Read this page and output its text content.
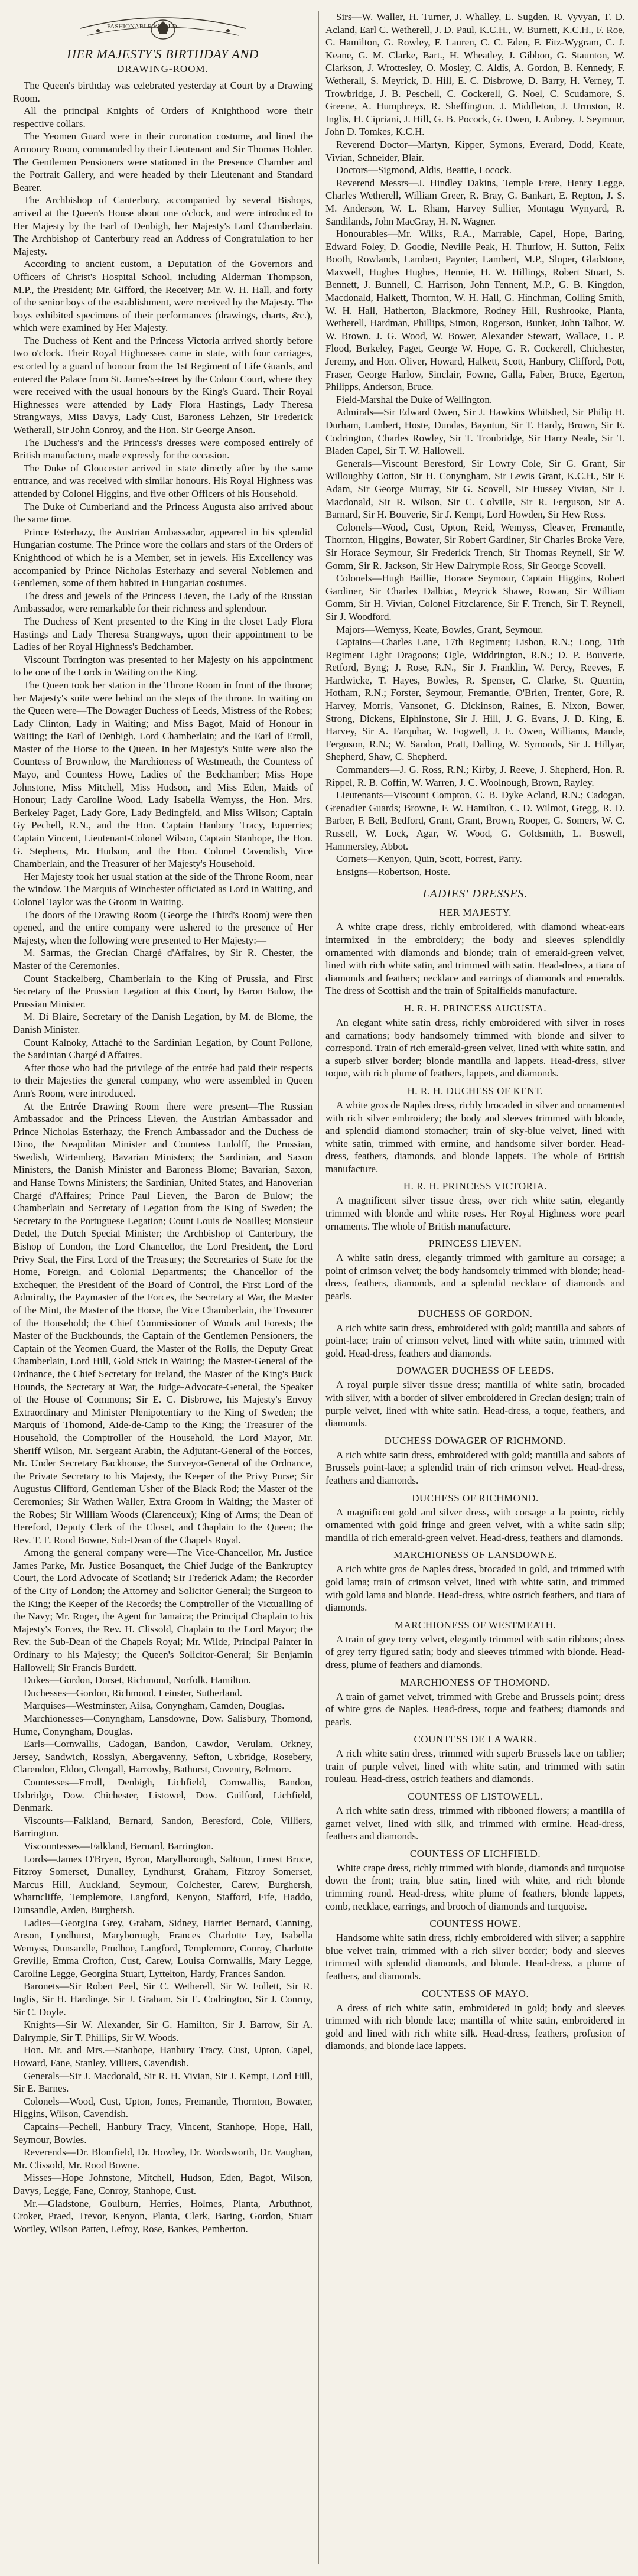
FASHIONABLE WORLD
HER MAJESTY'S BIRTHDAY AND
DRAWING-ROOM.

The Queen's birthday was celebrated yesterday at Court by a Drawing Room.

All the principal Knights of Orders of Knighthood wore their respective collars.

The Yeomen Guard were in their coronation costume, and lined the Armoury Room, commanded by their Lieutenant and Sir Thomas Hohler. The Gentlemen Pensioners were stationed in the Presence Chamber and the Portrait Gallery, and were headed by their Lieutenant and Standard Bearer.

The Archbishop of Canterbury, accompanied by several Bishops, arrived at the Queen's House about one o'clock, and were introduced to Her Majesty by the Earl of Denbigh, her Majesty's Lord Chamberlain. The Archbishop of Canterbury read an Address of Congratulation to her Majesty.

According to ancient custom, a Deputation of the Governors and Officers of Christ's Hospital School, including Alderman Thompson, M.P., the President; Mr. Gifford, the Receiver; Mr. W. H. Hall, and forty of the senior boys of the establishment, were received by the Majesty. The boys exhibited specimens of their performances (drawings, charts, &c.), which were examined by Her Majesty.

The Duchess of Kent and the Princess Victoria arrived shortly before two o'clock. Their Royal Highnesses came in state, with four carriages, escorted by a guard of honour from the 1st Regiment of Life Guards, and entered the Palace from St. James's-street by the Colour Court, where they were received with the usual honours by the King's Guard. Their Royal Highnesses were attended by Lady Flora Hastings, Lady Theresa Strangways, Miss Davys, Lady Cust, Baroness Lehzen, Sir Frederick Wetherall, Sir John Conroy, and the Hon. Sir George Anson.

The Duchess's and the Princess's dresses were composed entirely of British manufacture, made expressly for the occasion.

The Duke of Gloucester arrived in state directly after by the same entrance, and was received with similar honours. His Royal Highness was attended by Colonel Higgins, and five other Officers of his Household.

The Duke of Cumberland and the Princess Augusta also arrived about the same time.

Prince Esterhazy, the Austrian Ambassador, appeared in his splendid Hungarian costume. The Prince wore the collars and stars of the Orders of Knighthood of which he is a Member, set in jewels. His Excellency was accompanied by Prince Nicholas Esterhazy and several Noblemen and Gentlemen, some of them habited in Hungarian costumes.

The dress and jewels of the Princess Lieven, the Lady of the Russian Ambassador, were remarkable for their richness and splendour.

The Duchess of Kent presented to the King in the closet Lady Flora Hastings and Lady Theresa Strangways, upon their appointment to be Ladies of her Royal Highness's Bedchamber.

Viscount Torrington was presented to her Majesty on his appointment to be one of the Lords in Waiting on the King.

The Queen took her station in the Throne Room in front of the throne; her Majesty's suite were behind on the steps of the throne. In waiting on the Queen were—The Dowager Duchess of Leeds, Mistress of the Robes; Lady Clinton, Lady in Waiting; and Miss Bagot, Maid of Honour in Waiting; the Earl of Denbigh, Lord Chamberlain; and the Earl of Erroll, Master of the Horse to the Queen. In her Majesty's Suite were also the Countess of Brownlow, the Marchioness of Westmeath, the Countess of Mayo, and Countess Howe, Ladies of the Bedchamber; Miss Hope Johnstone, Miss Mitchell, Miss Hudson, and Miss Eden, Maids of Honour; Lady Caroline Wood, Lady Isabella Wemyss, the Hon. Mrs. Berkeley Paget, Lady Gore, Lady Bedingfeld, and Miss Wilson; Captain Gy Pechell, R.N., and the Hon. Captain Hanbury Tracy, Equerries; Captain Vincent, Lieutenant-Colonel Wilson, Captain Stanhope, the Hon. G. Stephens, Mr. Hudson, and the Hon. Colonel Cavendish, Vice Chamberlain, and the Treasurer of her Majesty's Household.

Her Majesty took her usual station at the side of the Throne Room, near the window. The Marquis of Winchester officiated as Lord in Waiting, and Colonel Taylor was the Groom in Waiting.

The doors of the Drawing Room (George the Third's Room) were then opened, and the entire company were ushered to the presence of Her Majesty, when the following were presented to Her Majesty:—

M. Sarmas, the Grecian Chargé d'Affaires, by Sir R. Chester, the Master of the Ceremonies.

Count Stackelberg, Chamberlain to the King of Prussia, and First Secretary of the Prussian Legation at this Court, by Baron Bulow, the Prussian Minister.

M. Di Blaire, Secretary of the Danish Legation, by M. de Blome, the Danish Minister.

Count Kalnoky, Attaché to the Sardinian Legation, by Count Pollone, the Sardinian Chargé d'Affaires.

After those who had the privilege of the entrée had paid their respects to their Majesties the general company, who were assembled in Queen Ann's Room, were introduced.

At the Entrée Drawing Room there were present—The Russian Ambassador and the Princess Lieven, the Austrian Ambassador and Prince Nicholas Esterhazy, the French Ambassador and the Duchess de Dino, the Neapolitan Minister and Countess Ludolff, the Prussian, Swedish, Wirtemberg, Bavarian Ministers; the Sardinian, and Saxon Ministers, the Danish Minister and Baroness Blome; Bavarian, Saxon, and Hanse Towns Ministers; the Sardinian, United States, and Hanoverian Chargé d'Affaires; Prince Paul Lieven, the Baron de Bulow; the Chamberlain and Secretary of Legation from the King of Sweden; the Secretary to the Portuguese Legation; Count Louis de Noailles; Monsieur Dedel, the Dutch Special Minister; the Archbishop of Canterbury, the Bishop of London, the Lord Chancellor, the Lord President, the Lord Privy Seal, the First Lord of the Treasury; the Secretaries of State for the Home, Foreign, and Colonial Departments; the Chancellor of the Exchequer, the President of the Board of Control, the First Lord of the Admiralty, the Paymaster of the Forces, the Secretary at War, the Master of the Mint, the Master of the Horse, the Vice Chamberlain, the Treasurer of the Household; the Chief Commissioner of Woods and Forests; the Master of the Buckhounds, the Captain of the Gentlemen Pensioners, the Captain of the Yeomen Guard, the Master of the Rolls, the Deputy Great Chamberlain, Lord Hill, Gold Stick in Waiting; the Master-General of the Ordnance, the Chief Secretary for Ireland, the Master of the King's Buck Hounds, the Secretary at War, the Judge-Advocate-General, the Speaker of the House of Commons; Sir E. C. Disbrowe, his Majesty's Envoy Extraordinary and Minister Plenipotentiary to the King of Sweden; the Marquis of Thomond, Aide-de-Camp to the King; the Treasurer of the Household, the Comptroller of the Household, the Lord Mayor, Mr. Sheriff Wilson, Mr. Sergeant Arabin, the Adjutant-General of the Forces, Mr. Under Secretary Backhouse, the Surveyor-General of the Ordnance, the Private Secretary to his Majesty, the Keeper of the Privy Purse; Sir Augustus Clifford, Gentleman Usher of the Black Rod; the Master of the Ceremonies; Sir Wathen Waller, Extra Groom in Waiting; the Master of the Robes; Sir William Woods (Clarenceux); King of Arms; the Dean of Hereford, Deputy Clerk of the Closet, and Chaplain to the Queen; the Rev. T. F. Rood Bowne, Sub-Dean of the Chapels Royal.

Among the general company were—The Vice-Chancellor, Mr. Justice James Parke, Mr. Justice Bosanquet, the Chief Judge of the Bankruptcy Court, the Lord Advocate of Scotland; Sir Frederick Adam; the Recorder of the City of London; the Attorney and Solicitor General; the Surgeon to the King; the Keeper of the Records; the Comptroller of the Victualling of the Navy; Mr. Roger, the Agent for Jamaica; the Principal Chaplain to his Majesty's Forces, the Rev. H. Clissold, Chaplain to the Lord Mayor; the Rev. the Sub-Dean of the Chapels Royal; Mr. Wilde, Principal Painter in Ordinary to his Majesty; the Queen's Solicitor-General; Sir Benjamin Hallowell; Sir Francis Burdett.

Dukes—Gordon, Dorset, Richmond, Norfolk, Hamilton.

Duchesses—Gordon, Richmond, Leinster, Sutherland.

Marquises—Westminster, Ailsa, Conyngham, Camden, Douglas.

Marchionesses—Conyngham, Lansdowne, Dow. Salisbury, Thomond, Hume, Conyngham, Douglas.

Earls—Cornwallis, Cadogan, Bandon, Cawdor, Verulam, Orkney, Jersey, Sandwich, Rosslyn, Abergavenny, Sefton, Uxbridge, Rosebery, Clarendon, Eldon, Glengall, Harrowby, Bathurst, Coventry, Belmore.

Countesses—Erroll, Denbigh, Lichfield, Cornwallis, Bandon, Uxbridge, Dow. Chichester, Listowel, Dow. Guilford, Lichfield, Denmark.

Viscounts—Falkland, Bernard, Sandon, Beresford, Cole, Villiers, Barrington.

Viscountesses—Falkland, Bernard, Barrington.

Lords—James O'Bryen, Byron, Marylborough, Saltoun, Ernest Bruce, Fitzroy Somerset, Dunalley, Lyndhurst, Graham, Fitzroy Somerset, Marcus Hill, Auckland, Seymour, Colchester, Carew, Burghersh, Wharncliffe, Templemore, Langford, Kenyon, Stafford, Fife, Haddo, Dunsandle, Arden, Burghersh.

Ladies—Georgina Grey, Graham, Sidney, Harriet Bernard, Canning, Anson, Lyndhurst, Maryborough, Frances Charlotte Ley, Isabella Wemyss, Dunsandle, Prudhoe, Langford, Templemore, Conroy, Charlotte Greville, Emma Crofton, Cust, Carew, Louisa Cornwallis, Mary Legge, Caroline Legge, Georgina Stuart, Lyttelton, Hardy, Frances Sandon.

Baronets—Sir Robert Peel, Sir C. Wetherell, Sir W. Follett, Sir R. Inglis, Sir H. Hardinge, Sir J. Graham, Sir E. Codrington, Sir J. Conroy, Sir C. Doyle.

Knights—Sir W. Alexander, Sir G. Hamilton, Sir J. Barrow, Sir A. Dalrymple, Sir T. Phillips, Sir W. Woods.

Hon. Mr. and Mrs.—Stanhope, Hanbury Tracy, Cust, Upton, Capel, Howard, Fane, Stanley, Villiers, Cavendish.

Generals—Sir J. Macdonald, Sir R. H. Vivian, Sir J. Kempt, Lord Hill, Sir E. Barnes.

Colonels—Wood, Cust, Upton, Jones, Fremantle, Thornton, Bowater, Higgins, Wilson, Cavendish.

Captains—Pechell, Hanbury Tracy, Vincent, Stanhope, Hope, Hall, Seymour, Bowles.

Reverends—Dr. Blomfield, Dr. Howley, Dr. Wordsworth, Dr. Vaughan, Mr. Clissold, Mr. Rood Bowne.

Misses—Hope Johnstone, Mitchell, Hudson, Eden, Bagot, Wilson, Davys, Legge, Fane, Conroy, Stanhope, Cust.

Mr.—Gladstone, Goulburn, Herries, Holmes, Planta, Arbuthnot, Croker, Praed, Trevor, Kenyon, Planta, Clerk, Baring, Gordon, Stuart Wortley, Wilson Patten, Lefroy, Rose, Bankes, Pemberton.

Sirs—W. Waller, H. Turner, J. Whalley, E. Sugden, R. Vyvyan, T. D. Acland, Earl C. Wetherell, J. D. Paul, K.C.H., W. Burnett, K.C.H., F. Roe, G. Hamilton, G. Rowley, F. Lauren, C. C. Eden, F. Fitz-Wygram, C. J. Keane, G. M. Clarke, Bart., H. Wheatley, J. Gibbon, G. Staunton, W. Clarkson, J. Wrottesley, O. Mosley, C. Aldis, A. Gordon, B. Kennedy, F. Wetherall, S. Meyrick, D. Hill, E. C. Disbrowe, D. Barry, H. Verney, T. Trowbridge, J. B. Peschell, C. Cockerell, G. Noel, C. Scudamore, S. Greene, A. Humphreys, R. Sheffington, J. Middleton, J. Urmston, R. Inglis, H. Cipriani, J. Hill, G. B. Pocock, G. Owen, J. Aubrey, J. Seymour, John D. Tomkes, K.C.H.

Reverend Doctor—Martyn, Kipper, Symons, Everard, Dodd, Keate, Vivian, Schneider, Blair.

Doctors—Sigmond, Aldis, Beattie, Locock.

Reverend Messrs—J. Hindley Dakins, Temple Frere, Henry Legge, Charles Wetherell, William Greer, R. Bray, G. Bankart, E. Repton, J. S. M. Anderson, W. L. Rham, Harvey Sullier, Montagu Wynyard, R. Sandilands, John MacGray, H. N. Wagner.

Honourables—Mr. Wilks, R.A., Marrable, Capel, Hope, Baring, Edward Foley, D. Goodie, Neville Peak, H. Thurlow, H. Sutton, Felix Booth, Rowlands, Lambert, Paynter, Lambert, M.P., Sloper, Gladstone, Maxwell, Hughes Hughes, Hennie, H. W. Hillings, Robert Stuart, S. Bennett, J. Bunnell, C. Harrison, John Tennent, M.P., G. B. Kingdon, Macdonald, Halkett, Thornton, W. H. Hall, G. Hinchman, Colling Smith, W. H. Hall, Hatherton, Blackmore, Rodney Hill, Rushrooke, Planta, Wetherell, Hardman, Phillips, Simon, Rogerson, Bunker, John Talbot, W. W. Brown, J. G. Wood, W. Bower, Alexander Stewart, Wallace, L. P. Flood, Berkeley, Paget, George W. Hope, G. R. Cockerell, Chichester, Jeremy, and Hon. Oliver, Howard, Halkett, Scott, Hanbury, Clifford, Pott, Fraser, George Harlow, Sinclair, Fowne, Galla, Faber, Bruce, Egerton, Philipps, Anderson, Bruce.

Field-Marshal the Duke of Wellington.

Admirals—Sir Edward Owen, Sir J. Hawkins Whitshed, Sir Philip H. Durham, Lambert, Hoste, Dundas, Bayntun, Sir T. Hardy, Brown, Sir E. Codrington, Charles Rowley, Sir T. Troubridge, Sir Harry Neale, Sir T. Bladen Capel, Sir T. W. Hallowell.

Generals—Viscount Beresford, Sir Lowry Cole, Sir G. Grant, Sir Willoughby Cotton, Sir H. Conyngham, Sir Lewis Grant, K.C.H., Sir F. Adam, Sir George Murray, Sir G. Scovell, Sir Hussey Vivian, Sir J. Macdonald, Sir R. Wilson, Sir C. Colville, Sir R. Ferguson, Sir A. Barnard, Sir H. Bouverie, Sir J. Kempt, Lord Howden, Sir Hew Ross.

Colonels—Wood, Cust, Upton, Reid, Wemyss, Cleaver, Fremantle, Thornton, Higgins, Bowater, Sir Robert Gardiner, Sir Charles Broke Vere, Sir Horace Seymour, Sir Frederick Trench, Sir Thomas Reynell, Sir W. Gomm, Sir R. Jackson, Sir Hew Dalrymple Ross, Sir George Scovell.

Colonels—Hugh Baillie, Horace Seymour, Captain Higgins, Robert Gardiner, Sir Charles Dalbiac, Meyrick Shawe, Rowan, Sir William Gomm, Sir H. Vivian, Colonel Fitzclarence, Sir F. Trench, Sir T. Reynell, Sir J. Woodford.

Majors—Wemyss, Keate, Bowles, Grant, Seymour.

Captains—Charles Lane, 17th Regiment; Lisbon, R.N.; Long, 11th Regiment Light Dragoons; Ogle, Widdrington, R.N.; D. P. Bouverie, Retford, Byng; J. Rose, R.N., Sir J. Franklin, W. Percy, Reeves, F. Hardwicke, T. Hayes, Bowles, R. Spenser, C. Clarke, St. Quentin, Hotham, R.N.; Forster, Seymour, Fremantle, O'Brien, Trenter, Gore, R. Harvey, Morris, Vansonet, G. Dickinson, Raines, E. Nixon, Bower, Strong, Dickens, Elphinstone, Sir J. Hill, J. G. Evans, J. D. King, E. Harvey, Sir A. Farquhar, W. Fogwell, J. E. Owen, Williams, Maude, Ferguson, R.N.; W. Sandon, Pratt, Dalling, W. Symonds, Sir J. Hillyar, Shepherd, Shaw, C. Shepherd.

Commanders—J. G. Ross, R.N.; Kirby, J. Reeve, J. Shepherd, Hon. R. Rippel, R. B. Coffin, W. Warren, J. C. Woolnough, Brown, Rayley.

Lieutenants—Viscount Compton, C. B. Dyke Acland, R.N.; Cadogan, Grenadier Guards; Browne, F. W. Hamilton, C. D. Wilmot, Gregg, R. D. Barber, F. Bell, Bedford, Grant, Grant, Brown, Rooper, G. Somers, W. C. Russell, W. Lock, Agar, W. Wood, G. Goldsmith, L. Boswell, Hammersley, Abbot.

Cornets—Kenyon, Quin, Scott, Forrest, Parry.

Ensigns—Robertson, Hoste.

LADIES' DRESSES.
HER MAJESTY.

A white crape dress, richly embroidered, with diamond wheat-ears intermixed in the embroidery; the body and sleeves splendidly ornamented with diamonds and blonde; train of emerald-green velvet, lined with rich white satin, and trimmed with satin. Head-dress, a tiara of diamonds and feathers; necklace and earrings of diamonds and emeralds. The dress of Scottish and the train of Spitalfields manufacture.

H. R. H. PRINCESS AUGUSTA.

An elegant white satin dress, richly embroidered with silver in roses and carnations; body handsomely trimmed with blonde and silver to correspond. Train of rich emerald-green velvet, lined with white satin, and a superb silver border; blonde mantilla and lappets. Head-dress, silver toque, with rich plume of feathers, lappets, and diamonds.

H. R. H. DUCHESS OF KENT.

A white gros de Naples dress, richly brocaded in silver and ornamented with rich silver embroidery; the body and sleeves trimmed with blonde, and splendid diamond stomacher; train of sky-blue velvet, lined with white satin, trimmed with ermine, and handsome silver border. Head-dress, feathers, diamonds, and blonde lappets. The whole of British manufacture.

H. R. H. PRINCESS VICTORIA.

A magnificent silver tissue dress, over rich white satin, elegantly trimmed with blonde and white roses. Her Royal Highness wore pearl ornaments. The whole of British manufacture.

PRINCESS LIEVEN.

A white satin dress, elegantly trimmed with garniture au corsage; a point of crimson velvet; the body handsomely trimmed with blonde; head-dress, feathers, diamonds, and a splendid necklace of diamonds and pearls.

DUCHESS OF GORDON.

A rich white satin dress, embroidered with gold; mantilla and sabots of point-lace; train of crimson velvet, lined with white satin, trimmed with gold. Head-dress, feathers and diamonds.

DOWAGER DUCHESS OF LEEDS.

A royal purple silver tissue dress; mantilla of white satin, brocaded with silver, with a border of silver embroidered in Grecian design; train of purple velvet, lined with white satin. Head-dress, a toque, feathers, and diamonds.

DUCHESS DOWAGER OF RICHMOND.

A rich white satin dress, embroidered with gold; mantilla and sabots of Brussels point-lace; a splendid train of rich crimson velvet. Head-dress, feathers and diamonds.

DUCHESS OF RICHMOND.

A magnificent gold and silver dress, with corsage a la pointe, richly ornamented with gold fringe and green velvet, with a white satin slip; mantilla of rich emerald-green velvet. Head-dress, feathers and diamonds.

MARCHIONESS OF LANSDOWNE.

A rich white gros de Naples dress, brocaded in gold, and trimmed with gold lama; train of crimson velvet, lined with white satin, and trimmed with gold lama and blonde. Head-dress, white ostrich feathers, and tiara of diamonds.

MARCHIONESS OF WESTMEATH.

A train of grey terry velvet, elegantly trimmed with satin ribbons; dress of grey terry figured satin; body and sleeves trimmed with blonde. Head-dress, plume of feathers and diamonds.

MARCHIONESS OF THOMOND.

A train of garnet velvet, trimmed with Grebe and Brussels point; dress of white gros de Naples. Head-dress, toque and feathers; diamonds and pearls.

COUNTESS DE LA WARR.

A rich white satin dress, trimmed with superb Brussels lace on tablier; train of purple velvet, lined with white satin, and trimmed with satin rouleau. Head-dress, ostrich feathers and diamonds.

COUNTESS OF LISTOWELL.

A rich white satin dress, trimmed with ribboned flowers; a mantilla of garnet velvet, lined with silk, and trimmed with ermine. Head-dress, feathers and diamonds.

COUNTESS OF LICHFIELD.

White crape dress, richly trimmed with blonde, diamonds and turquoise down the front; train, blue satin, lined with white, and rich blonde trimming round. Head-dress, white plume of feathers, blonde lappets, comb, necklace, earrings, and brooch of diamonds and turquoise.

COUNTESS HOWE.

Handsome white satin dress, richly embroidered with silver; a sapphire blue velvet train, trimmed with a rich silver border; body and sleeves trimmed with splendid diamonds, and blonde. Head-dress, a plume of feathers, and diamonds.

COUNTESS OF MAYO.

A dress of rich white satin, embroidered in gold; body and sleeves trimmed with rich blonde lace; mantilla of white satin, embroidered in gold and lined with rich white silk. Head-dress, feathers, profusion of diamonds, and blonde lace lappets.
